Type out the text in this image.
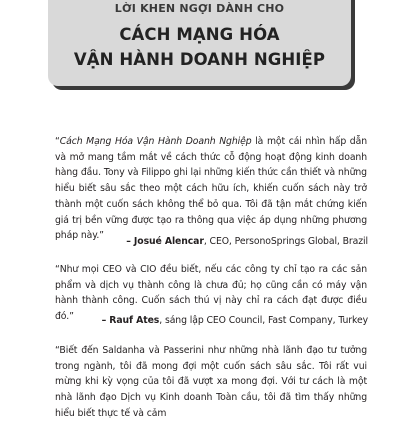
LỜI KHEN NGỢI DÀNH CHO

CÁCH MẠNG HÓA
VẬN HÀNH DOANH NGHIỆP

“Cách Mạng Hóa Vận Hành Doanh Nghiệp là một cái nhìn hấp dẫn và mở mang tầm mắt về cách thức cỗ động hoạt động kinh doanh hàng đầu. Tony và Filippo ghi lại những kiến thức cần thiết và những hiểu biết sâu sắc theo một cách hữu ích, khiến cuốn sách này trở thành một cuốn sách không thể bỏ qua. Tôi đã tận mắt chứng kiến giá trị bền vững được tạo ra thông qua việc áp dụng những phương pháp này.”

– Josué Alencar, CEO, PersonoSprings Global, Brazil

“Như mọi CEO và CIO đều biết, nếu các công ty chỉ tạo ra các sản phẩm và dịch vụ thành công là chưa đủ; họ cũng cần có máy vận hành thành công. Cuốn sách thú vị này chỉ ra cách đạt được điều đó.”	– Rauf Ates, sáng lập CEO Council, Fast Company, Turkey

“Biết đến Saldanha và Passerini như những nhà lãnh đạo tư tưởng trong ngành, tôi đã mong đợi một cuốn sách sâu sắc. Tôi rất vui mừng khi kỳ vọng của tôi đã vượt xa mong đợi. Với tư cách là một nhà lãnh đạo Dịch vụ Kinh doanh Toàn cầu, tôi đã tìm thấy những hiểu biết thực tế và cảm
